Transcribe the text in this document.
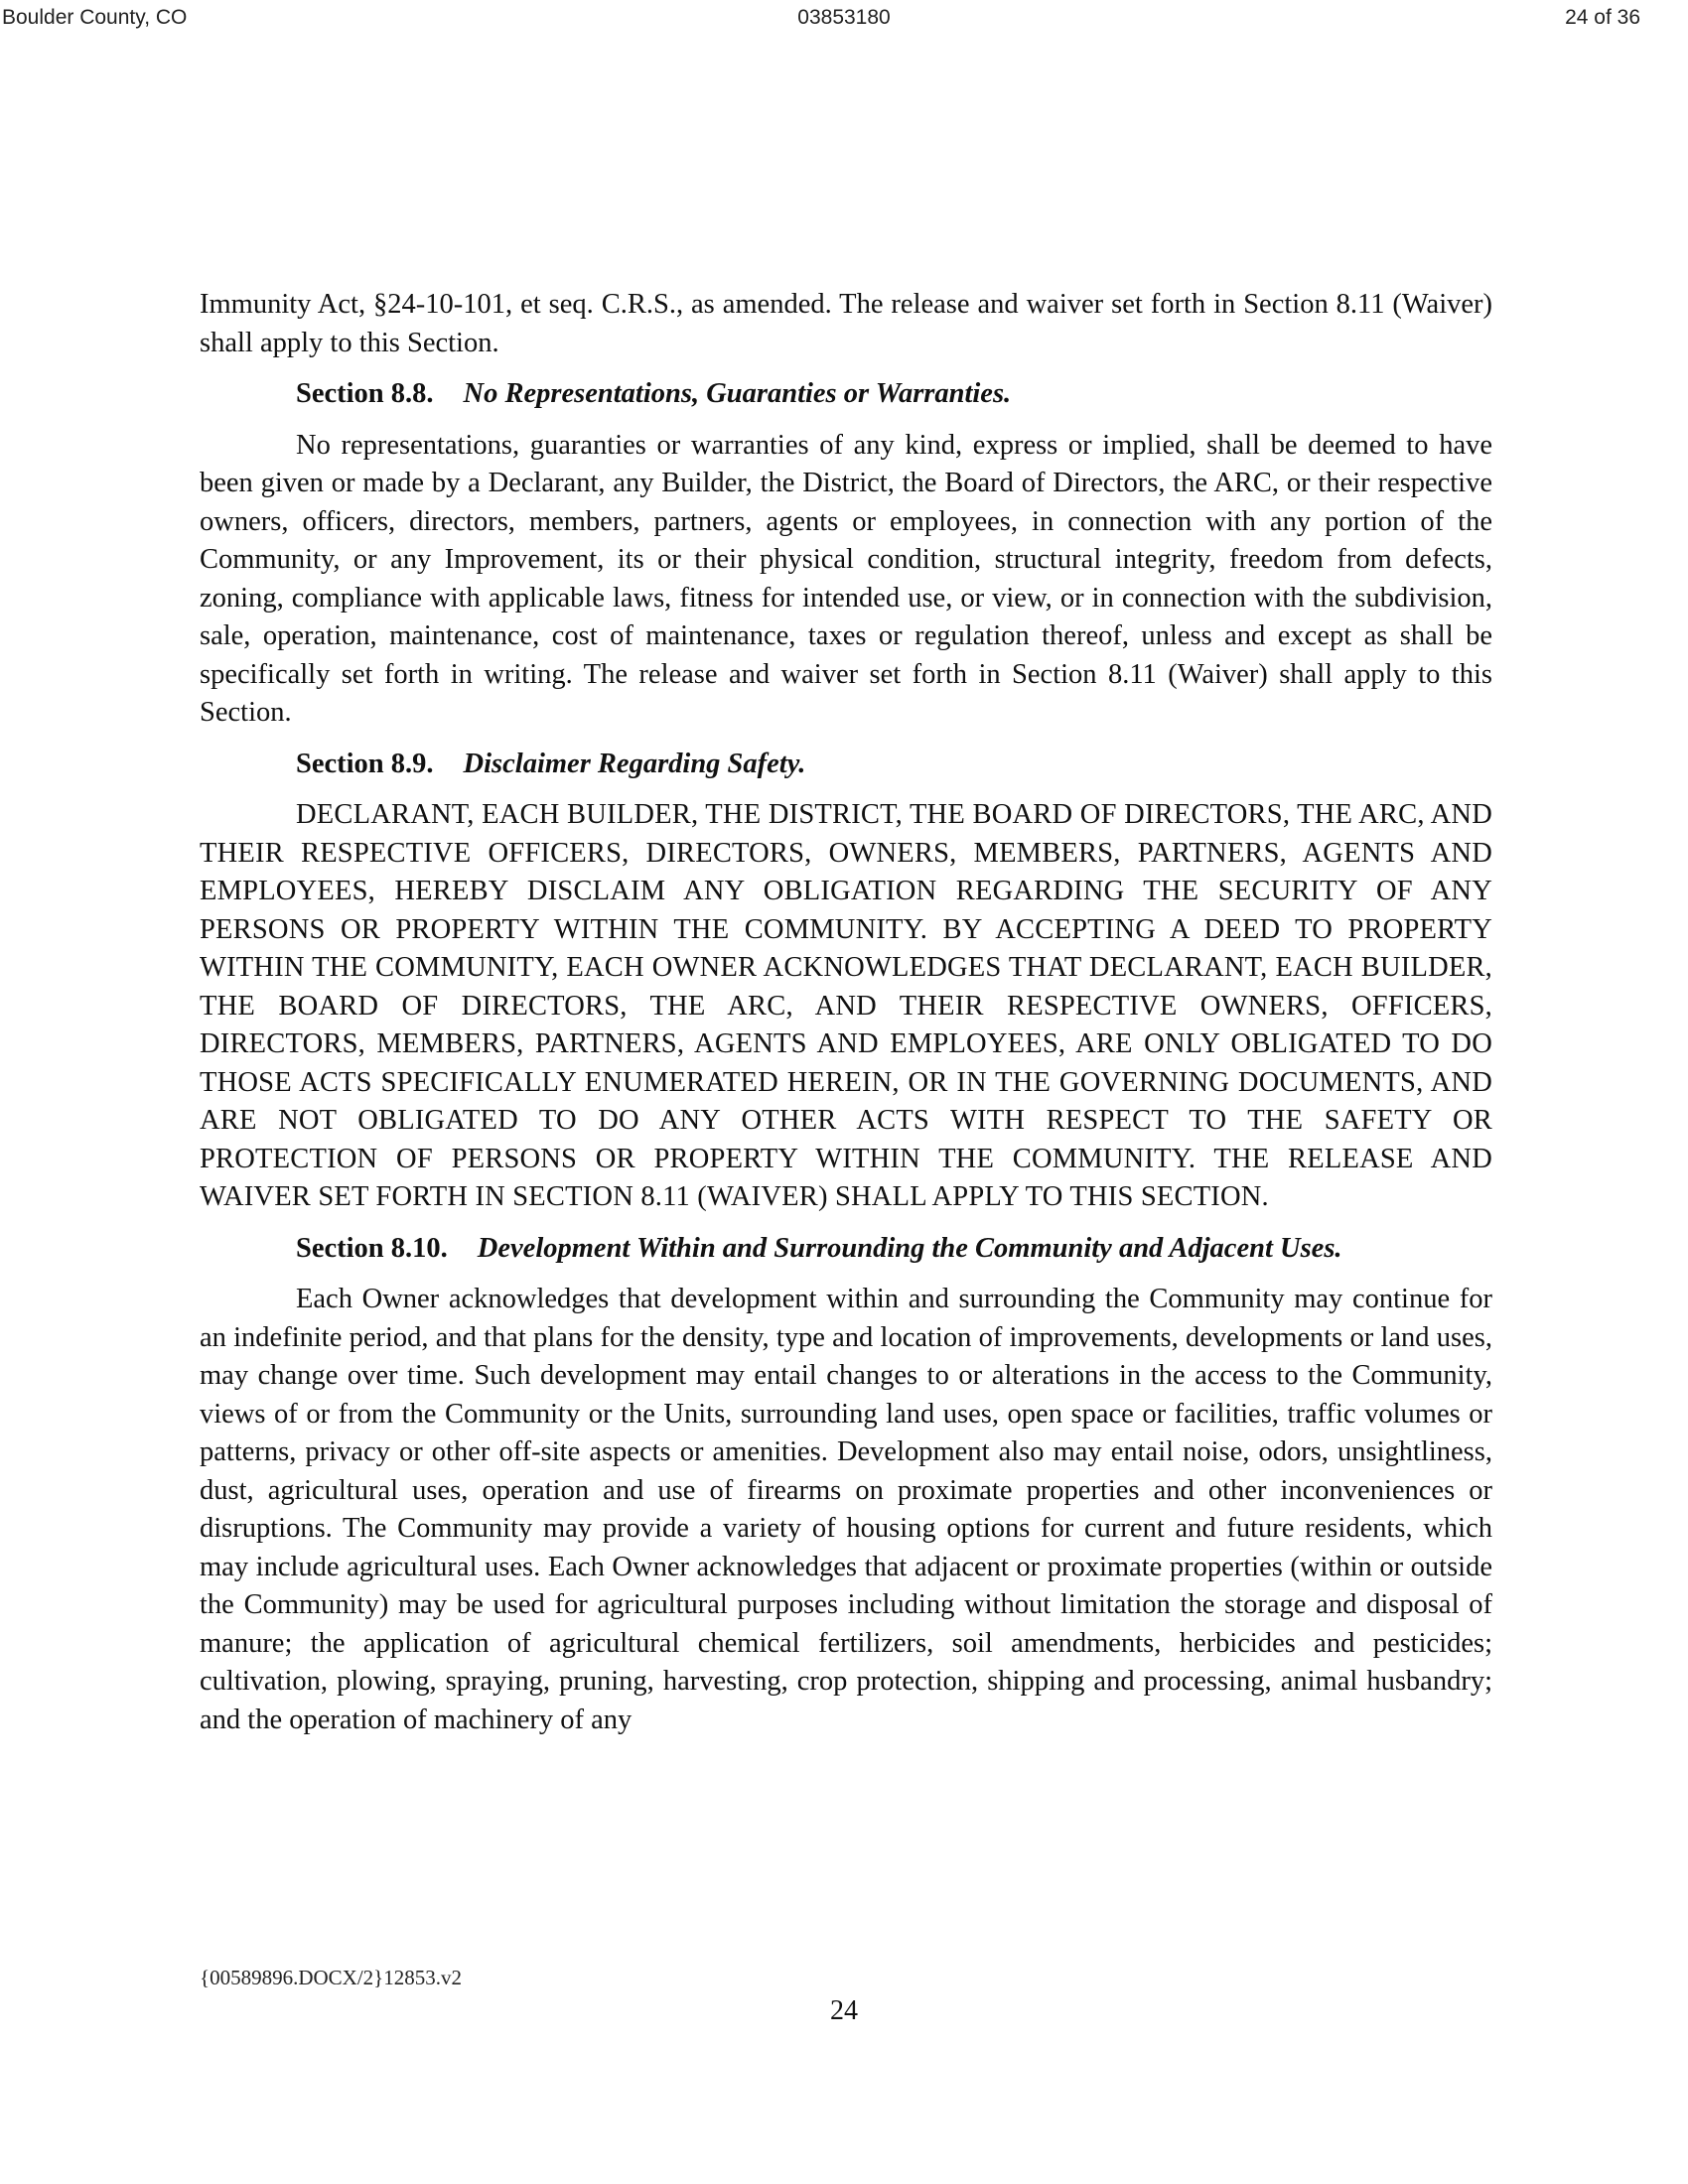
Boulder County, CO	03853180	24 of 36

Immunity Act, §24-10-101, et seq. C.R.S., as amended. The release and waiver set forth in Section 8.11 (Waiver) shall apply to this Section.

Section 8.8. No Representations, Guaranties or Warranties.

No representations, guaranties or warranties of any kind, express or implied, shall be deemed to have been given or made by a Declarant, any Builder, the District, the Board of Directors, the ARC, or their respective owners, officers, directors, members, partners, agents or employees, in connection with any portion of the Community, or any Improvement, its or their physical condition, structural integrity, freedom from defects, zoning, compliance with applicable laws, fitness for intended use, or view, or in connection with the subdivision, sale, operation, maintenance, cost of maintenance, taxes or regulation thereof, unless and except as shall be specifically set forth in writing. The release and waiver set forth in Section 8.11 (Waiver) shall apply to this Section.

Section 8.9. Disclaimer Regarding Safety.

DECLARANT, EACH BUILDER, THE DISTRICT, THE BOARD OF DIRECTORS, THE ARC, AND THEIR RESPECTIVE OFFICERS, DIRECTORS, OWNERS, MEMBERS, PARTNERS, AGENTS AND EMPLOYEES, HEREBY DISCLAIM ANY OBLIGATION REGARDING THE SECURITY OF ANY PERSONS OR PROPERTY WITHIN THE COMMUNITY. BY ACCEPTING A DEED TO PROPERTY WITHIN THE COMMUNITY, EACH OWNER ACKNOWLEDGES THAT DECLARANT, EACH BUILDER, THE BOARD OF DIRECTORS, THE ARC, AND THEIR RESPECTIVE OWNERS, OFFICERS, DIRECTORS, MEMBERS, PARTNERS, AGENTS AND EMPLOYEES, ARE ONLY OBLIGATED TO DO THOSE ACTS SPECIFICALLY ENUMERATED HEREIN, OR IN THE GOVERNING DOCUMENTS, AND ARE NOT OBLIGATED TO DO ANY OTHER ACTS WITH RESPECT TO THE SAFETY OR PROTECTION OF PERSONS OR PROPERTY WITHIN THE COMMUNITY. THE RELEASE AND WAIVER SET FORTH IN SECTION 8.11 (WAIVER) SHALL APPLY TO THIS SECTION.

Section 8.10. Development Within and Surrounding the Community and Adjacent Uses.

Each Owner acknowledges that development within and surrounding the Community may continue for an indefinite period, and that plans for the density, type and location of improvements, developments or land uses, may change over time. Such development may entail changes to or alterations in the access to the Community, views of or from the Community or the Units, surrounding land uses, open space or facilities, traffic volumes or patterns, privacy or other off-site aspects or amenities. Development also may entail noise, odors, unsightliness, dust, agricultural uses, operation and use of firearms on proximate properties and other inconveniences or disruptions. The Community may provide a variety of housing options for current and future residents, which may include agricultural uses. Each Owner acknowledges that adjacent or proximate properties (within or outside the Community) may be used for agricultural purposes including without limitation the storage and disposal of manure; the application of agricultural chemical fertilizers, soil amendments, herbicides and pesticides; cultivation, plowing, spraying, pruning, harvesting, crop protection, shipping and processing, animal husbandry; and the operation of machinery of any

{00589896.DOCX/2}12853.v2
24
